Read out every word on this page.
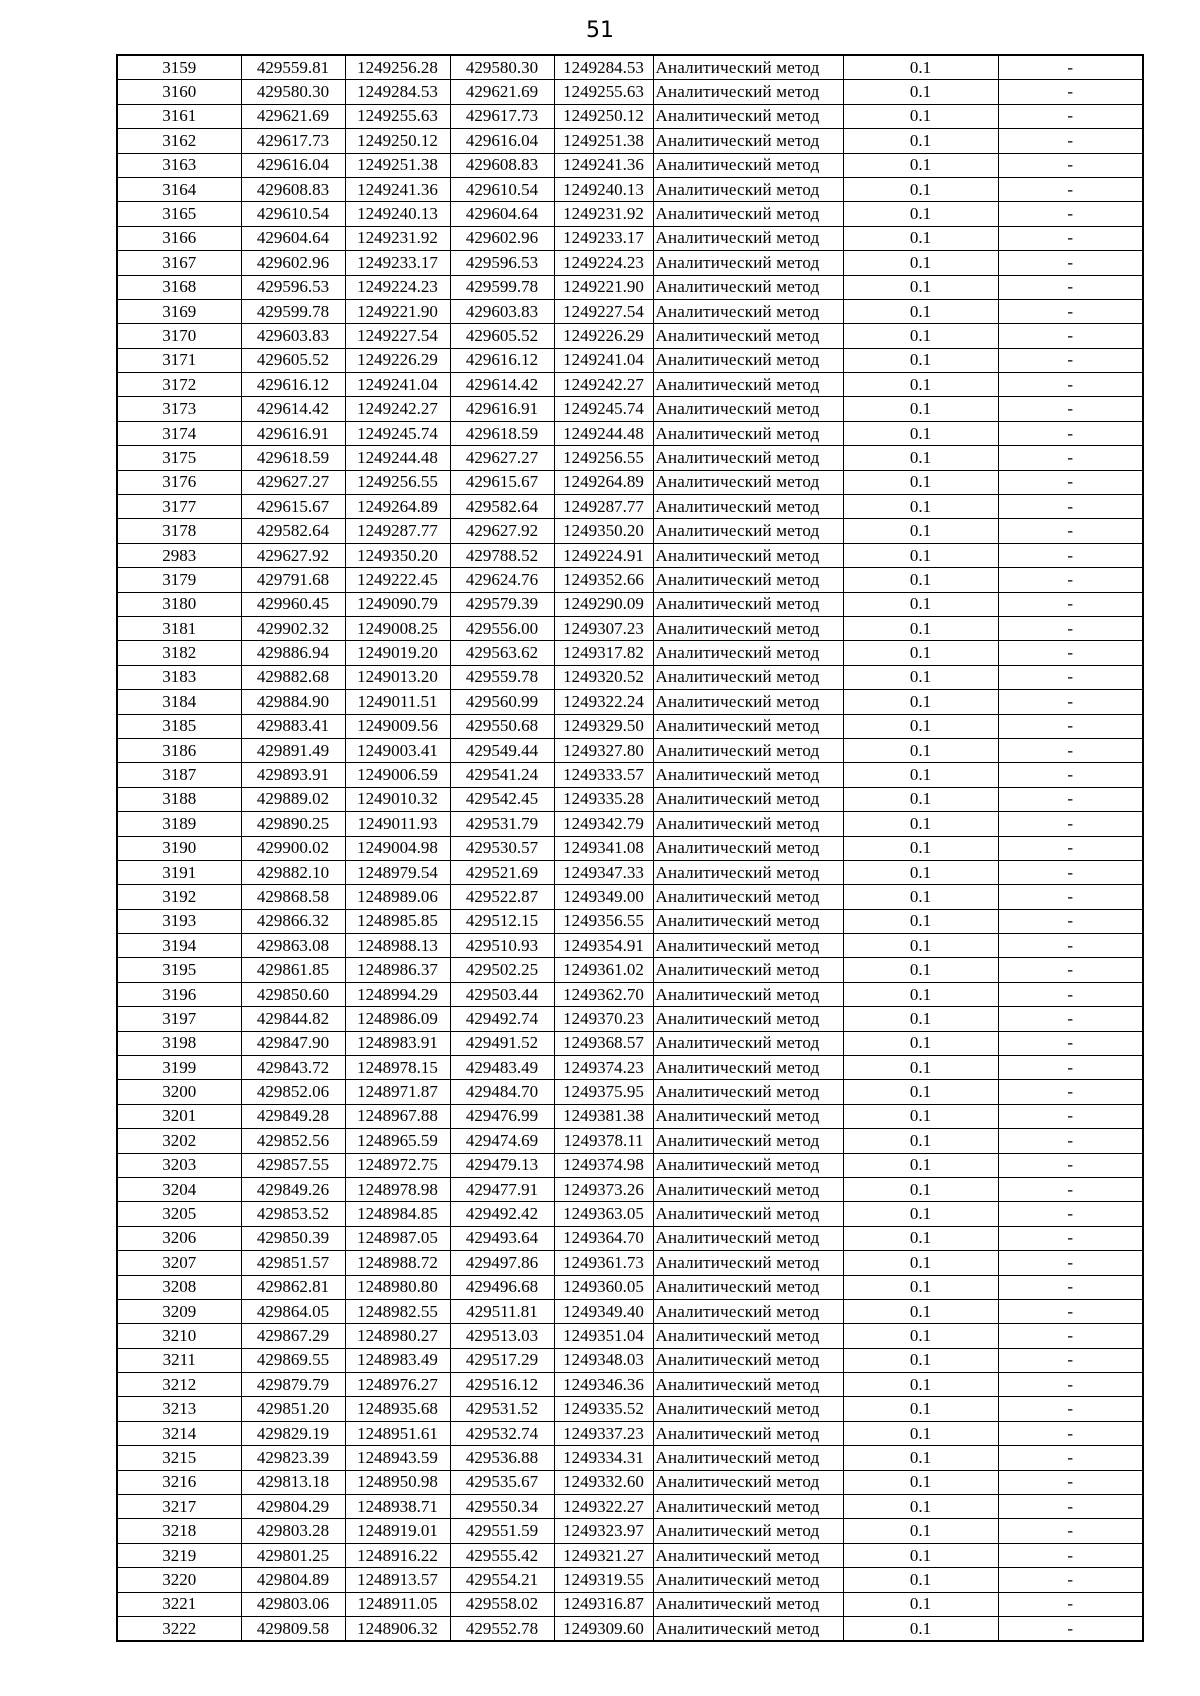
51
3159	429559.81	1249256.28	429580.30	1249284.53	Аналитический метод	0.1	-
3160	429580.30	1249284.53	429621.69	1249255.63	Аналитический метод	0.1	-
3161	429621.69	1249255.63	429617.73	1249250.12	Аналитический метод	0.1	-
3162	429617.73	1249250.12	429616.04	1249251.38	Аналитический метод	0.1	-
3163	429616.04	1249251.38	429608.83	1249241.36	Аналитический метод	0.1	-
3164	429608.83	1249241.36	429610.54	1249240.13	Аналитический метод	0.1	-
3165	429610.54	1249240.13	429604.64	1249231.92	Аналитический метод	0.1	-
3166	429604.64	1249231.92	429602.96	1249233.17	Аналитический метод	0.1	-
3167	429602.96	1249233.17	429596.53	1249224.23	Аналитический метод	0.1	-
3168	429596.53	1249224.23	429599.78	1249221.90	Аналитический метод	0.1	-
3169	429599.78	1249221.90	429603.83	1249227.54	Аналитический метод	0.1	-
3170	429603.83	1249227.54	429605.52	1249226.29	Аналитический метод	0.1	-
3171	429605.52	1249226.29	429616.12	1249241.04	Аналитический метод	0.1	-
3172	429616.12	1249241.04	429614.42	1249242.27	Аналитический метод	0.1	-
3173	429614.42	1249242.27	429616.91	1249245.74	Аналитический метод	0.1	-
3174	429616.91	1249245.74	429618.59	1249244.48	Аналитический метод	0.1	-
3175	429618.59	1249244.48	429627.27	1249256.55	Аналитический метод	0.1	-
3176	429627.27	1249256.55	429615.67	1249264.89	Аналитический метод	0.1	-
3177	429615.67	1249264.89	429582.64	1249287.77	Аналитический метод	0.1	-
3178	429582.64	1249287.77	429627.92	1249350.20	Аналитический метод	0.1	-
2983	429627.92	1249350.20	429788.52	1249224.91	Аналитический метод	0.1	-
3179	429791.68	1249222.45	429624.76	1249352.66	Аналитический метод	0.1	-
3180	429960.45	1249090.79	429579.39	1249290.09	Аналитический метод	0.1	-
3181	429902.32	1249008.25	429556.00	1249307.23	Аналитический метод	0.1	-
3182	429886.94	1249019.20	429563.62	1249317.82	Аналитический метод	0.1	-
3183	429882.68	1249013.20	429559.78	1249320.52	Аналитический метод	0.1	-
3184	429884.90	1249011.51	429560.99	1249322.24	Аналитический метод	0.1	-
3185	429883.41	1249009.56	429550.68	1249329.50	Аналитический метод	0.1	-
3186	429891.49	1249003.41	429549.44	1249327.80	Аналитический метод	0.1	-
3187	429893.91	1249006.59	429541.24	1249333.57	Аналитический метод	0.1	-
3188	429889.02	1249010.32	429542.45	1249335.28	Аналитический метод	0.1	-
3189	429890.25	1249011.93	429531.79	1249342.79	Аналитический метод	0.1	-
3190	429900.02	1249004.98	429530.57	1249341.08	Аналитический метод	0.1	-
3191	429882.10	1248979.54	429521.69	1249347.33	Аналитический метод	0.1	-
3192	429868.58	1248989.06	429522.87	1249349.00	Аналитический метод	0.1	-
3193	429866.32	1248985.85	429512.15	1249356.55	Аналитический метод	0.1	-
3194	429863.08	1248988.13	429510.93	1249354.91	Аналитический метод	0.1	-
3195	429861.85	1248986.37	429502.25	1249361.02	Аналитический метод	0.1	-
3196	429850.60	1248994.29	429503.44	1249362.70	Аналитический метод	0.1	-
3197	429844.82	1248986.09	429492.74	1249370.23	Аналитический метод	0.1	-
3198	429847.90	1248983.91	429491.52	1249368.57	Аналитический метод	0.1	-
3199	429843.72	1248978.15	429483.49	1249374.23	Аналитический метод	0.1	-
3200	429852.06	1248971.87	429484.70	1249375.95	Аналитический метод	0.1	-
3201	429849.28	1248967.88	429476.99	1249381.38	Аналитический метод	0.1	-
3202	429852.56	1248965.59	429474.69	1249378.11	Аналитический метод	0.1	-
3203	429857.55	1248972.75	429479.13	1249374.98	Аналитический метод	0.1	-
3204	429849.26	1248978.98	429477.91	1249373.26	Аналитический метод	0.1	-
3205	429853.52	1248984.85	429492.42	1249363.05	Аналитический метод	0.1	-
3206	429850.39	1248987.05	429493.64	1249364.70	Аналитический метод	0.1	-
3207	429851.57	1248988.72	429497.86	1249361.73	Аналитический метод	0.1	-
3208	429862.81	1248980.80	429496.68	1249360.05	Аналитический метод	0.1	-
3209	429864.05	1248982.55	429511.81	1249349.40	Аналитический метод	0.1	-
3210	429867.29	1248980.27	429513.03	1249351.04	Аналитический метод	0.1	-
3211	429869.55	1248983.49	429517.29	1249348.03	Аналитический метод	0.1	-
3212	429879.79	1248976.27	429516.12	1249346.36	Аналитический метод	0.1	-
3213	429851.20	1248935.68	429531.52	1249335.52	Аналитический метод	0.1	-
3214	429829.19	1248951.61	429532.74	1249337.23	Аналитический метод	0.1	-
3215	429823.39	1248943.59	429536.88	1249334.31	Аналитический метод	0.1	-
3216	429813.18	1248950.98	429535.67	1249332.60	Аналитический метод	0.1	-
3217	429804.29	1248938.71	429550.34	1249322.27	Аналитический метод	0.1	-
3218	429803.28	1248919.01	429551.59	1249323.97	Аналитический метод	0.1	-
3219	429801.25	1248916.22	429555.42	1249321.27	Аналитический метод	0.1	-
3220	429804.89	1248913.57	429554.21	1249319.55	Аналитический метод	0.1	-
3221	429803.06	1248911.05	429558.02	1249316.87	Аналитический метод	0.1	-
3222	429809.58	1248906.32	429552.78	1249309.60	Аналитический метод	0.1	-
